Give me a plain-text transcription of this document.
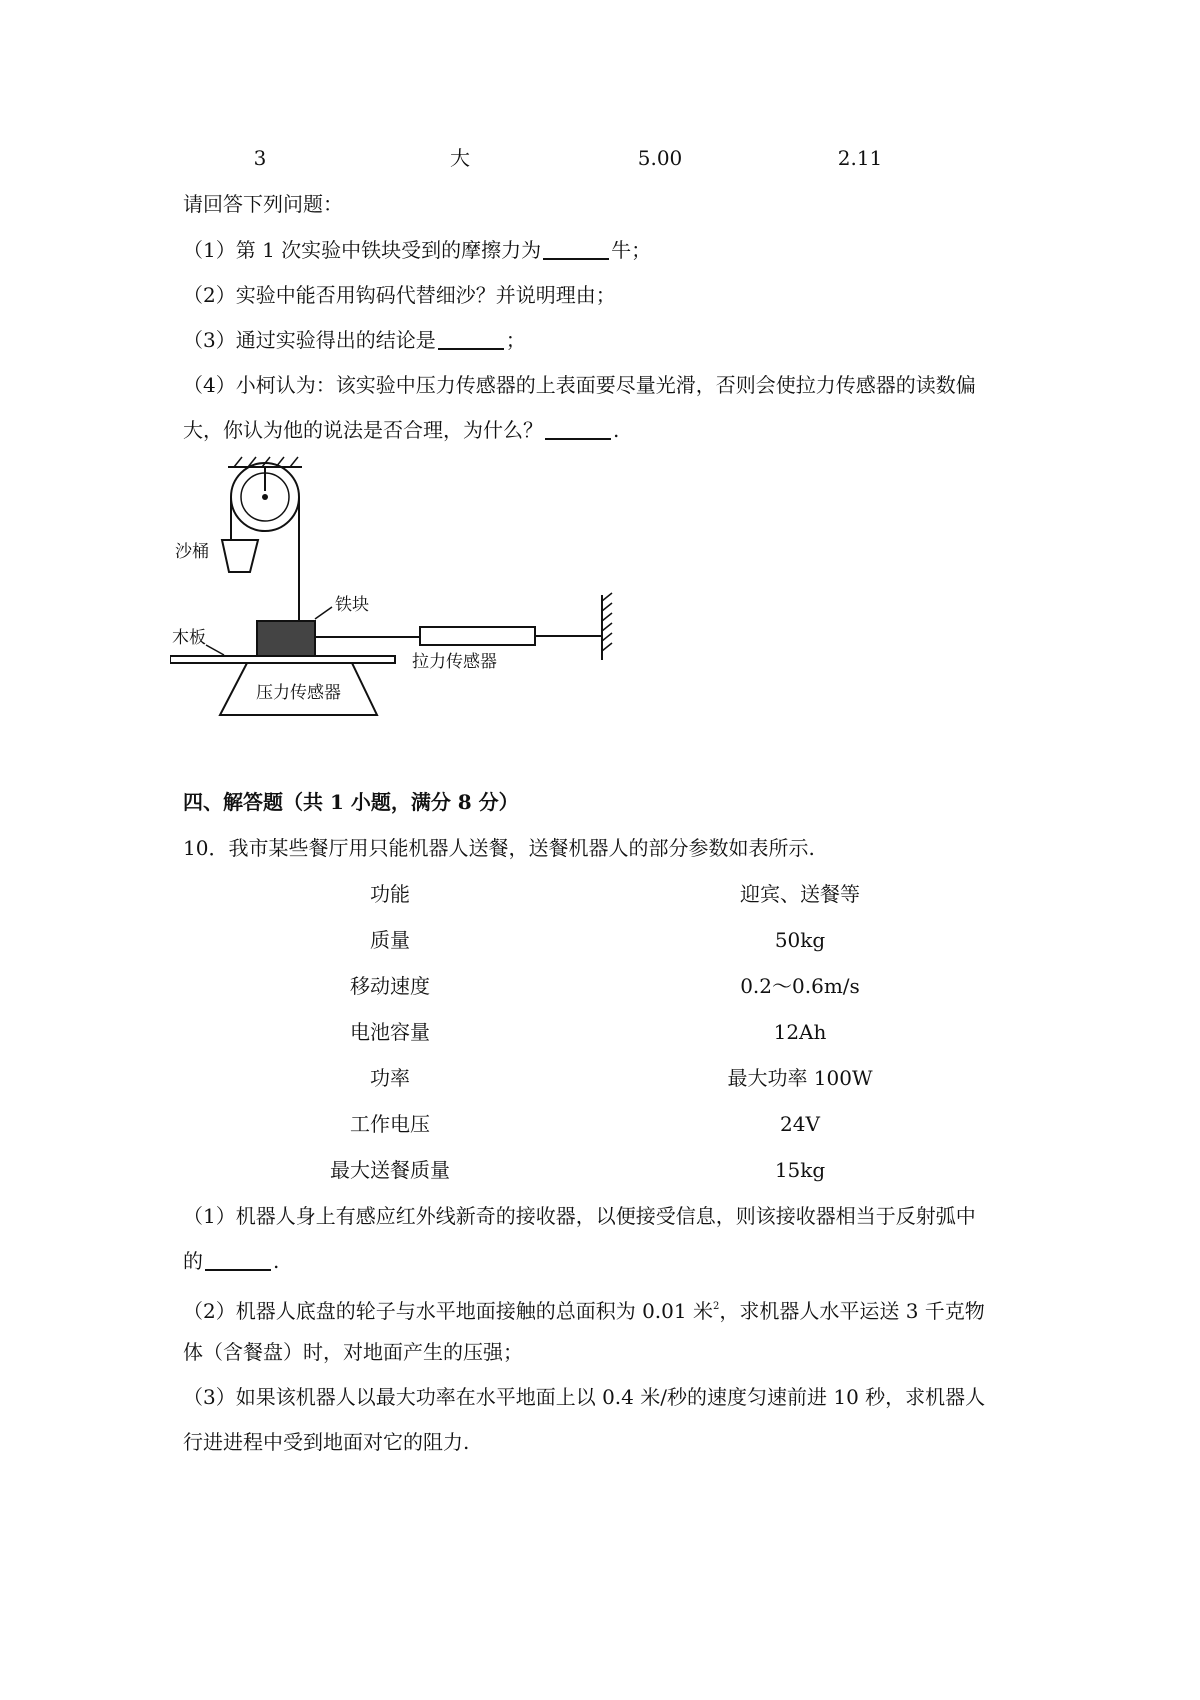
3	大	5.00	2.11
请回答下列问题：
（1）第 1 次实验中铁块受到的摩擦力为	牛；
（2）实验中能否用钩码代替细沙？并说明理由；
（3）通过实验得出的结论是	；
（4）小柯认为：该实验中压力传感器的上表面要尽量光滑，否则会使拉力传感器的读数偏
大，你认为他的说法是否合理，为什么？	.
沙桶
铁块
拉力传感器
木板
压力传感器
四、解答题（共 1 小题，满分 8 分）
10．我市某些餐厅用只能机器人送餐，送餐机器人的部分参数如表所示.
功能	迎宾、送餐等
质量	50kg
移动速度	0.2～0.6m/s
电池容量	12Ah
功率	最大功率 100W
工作电压	24V
最大送餐质量	15kg
（1）机器人身上有感应红外线新奇的接收器，以便接受信息，则该接收器相当于反射弧中
的	.
（2）机器人底盘的轮子与水平地面接触的总面积为 0.01 米$^2$，求机器人水平运送 3 千克物
体（含餐盘）时，对地面产生的压强；
（3）如果该机器人以最大功率在水平地面上以 0.4 米/秒的速度匀速前进 10 秒，求机器人
行进进程中受到地面对它的阻力.
